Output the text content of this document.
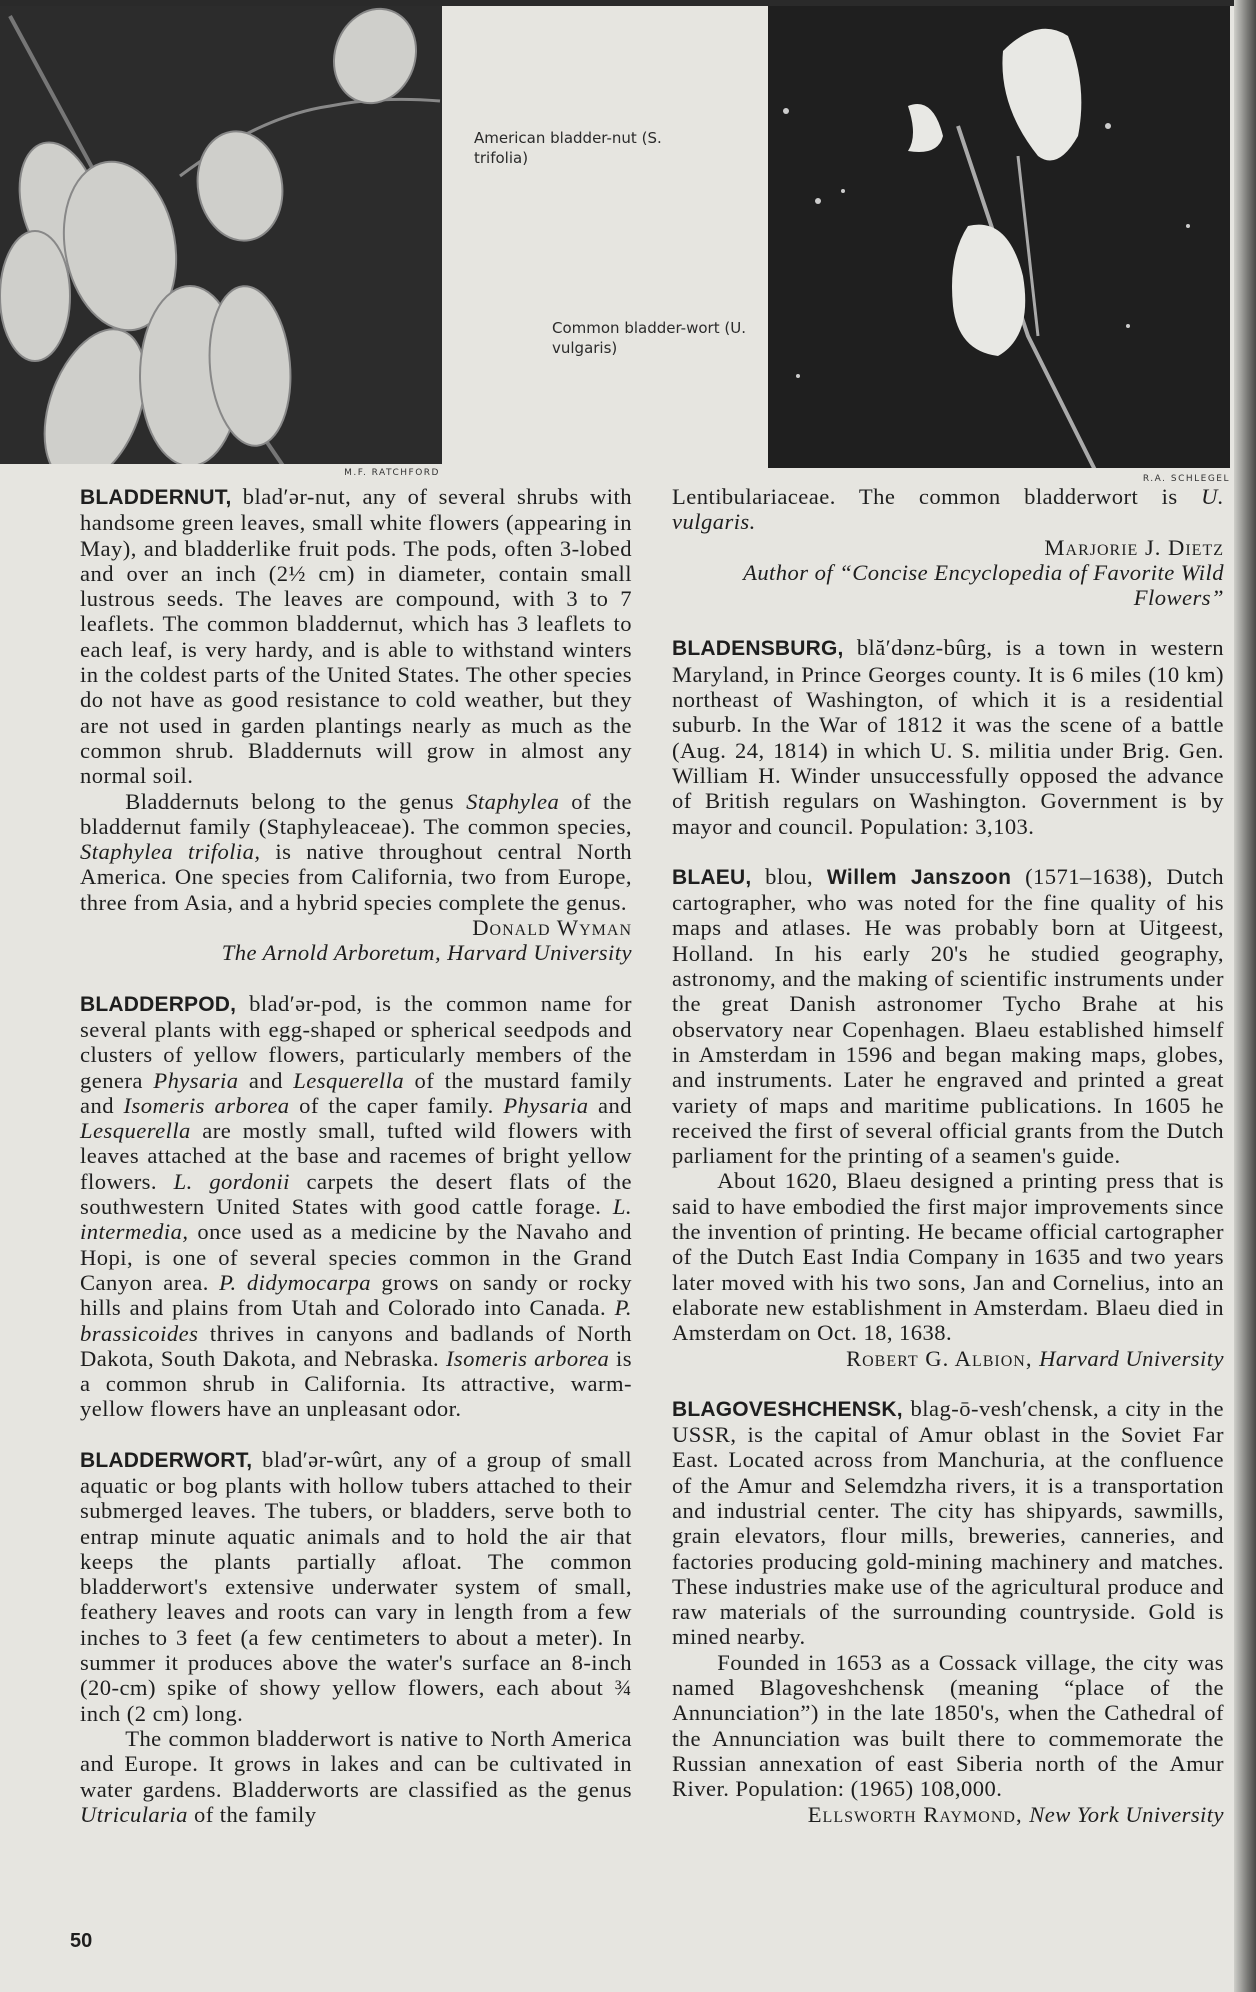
M.F. RATCHFORD
American bladder-nut (S. trifolia)
Common bladder-wort (U. vulgaris)
R.A. SCHLEGEL

BLADDERNUT, blad′ər-nut, any of several shrubs with handsome green leaves, small white flowers (appearing in May), and bladderlike fruit pods. The pods, often 3-lobed and over an inch (2½ cm) in diameter, contain small lustrous seeds. The leaves are compound, with 3 to 7 leaflets. The common bladdernut, which has 3 leaflets to each leaf, is very hardy, and is able to withstand winters in the coldest parts of the United States. The other species do not have as good resistance to cold weather, but they are not used in garden plantings nearly as much as the common shrub. Bladdernuts will grow in almost any normal soil.

Bladdernuts belong to the genus Staphylea of the bladdernut family (Staphyleaceae). The common species, Staphylea trifolia, is native throughout central North America. One species from California, two from Europe, three from Asia, and a hybrid species complete the genus.

Donald Wyman

The Arnold Arboretum, Harvard University

BLADDERPOD, blad′ər-pod, is the common name for several plants with egg-shaped or spherical seedpods and clusters of yellow flowers, particularly members of the genera Physaria and Lesquerella of the mustard family and Isomeris arborea of the caper family. Physaria and Lesquerella are mostly small, tufted wild flowers with leaves attached at the base and racemes of bright yellow flowers. L. gordonii carpets the desert flats of the southwestern United States with good cattle forage. L. intermedia, once used as a medicine by the Navaho and Hopi, is one of several species common in the Grand Canyon area. P. didymocarpa grows on sandy or rocky hills and plains from Utah and Colorado into Canada. P. brassicoides thrives in canyons and badlands of North Dakota, South Dakota, and Nebraska. Isomeris arborea is a common shrub in California. Its attractive, warm-yellow flowers have an unpleasant odor.

BLADDERWORT, blad′ər-wûrt, any of a group of small aquatic or bog plants with hollow tubers attached to their submerged leaves. The tubers, or bladders, serve both to entrap minute aquatic animals and to hold the air that keeps the plants partially afloat. The common bladderwort's extensive underwater system of small, feathery leaves and roots can vary in length from a few inches to 3 feet (a few centimeters to about a meter). In summer it produces above the water's surface an 8-inch (20-cm) spike of showy yellow flowers, each about ¾ inch (2 cm) long.

The common bladderwort is native to North America and Europe. It grows in lakes and can be cultivated in water gardens. Bladderworts are classified as the genus Utricularia of the family

Lentibulariaceae. The common bladderwort is U. vulgaris.

Marjorie J. Dietz

Author of “Concise Encyclopedia of Favorite Wild Flowers”

BLADENSBURG, blă′dənz-bûrg, is a town in western Maryland, in Prince Georges county. It is 6 miles (10 km) northeast of Washington, of which it is a residential suburb. In the War of 1812 it was the scene of a battle (Aug. 24, 1814) in which U. S. militia under Brig. Gen. William H. Winder unsuccessfully opposed the advance of British regulars on Washington. Government is by mayor and council. Population: 3,103.

BLAEU, blou, Willem Janszoon (1571–1638), Dutch cartographer, who was noted for the fine quality of his maps and atlases. He was probably born at Uitgeest, Holland. In his early 20's he studied geography, astronomy, and the making of scientific instruments under the great Danish astronomer Tycho Brahe at his observatory near Copenhagen. Blaeu established himself in Amsterdam in 1596 and began making maps, globes, and instruments. Later he engraved and printed a great variety of maps and maritime publications. In 1605 he received the first of several official grants from the Dutch parliament for the printing of a seamen's guide.

About 1620, Blaeu designed a printing press that is said to have embodied the first major improvements since the invention of printing. He became official cartographer of the Dutch East India Company in 1635 and two years later moved with his two sons, Jan and Cornelius, into an elaborate new establishment in Amsterdam. Blaeu died in Amsterdam on Oct. 18, 1638.

Robert G. Albion, Harvard University

BLAGOVESHCHENSK, blag-ō-vesh′chensk, a city in the USSR, is the capital of Amur oblast in the Soviet Far East. Located across from Manchuria, at the confluence of the Amur and Selemdzha rivers, it is a transportation and industrial center. The city has shipyards, sawmills, grain elevators, flour mills, breweries, canneries, and factories producing gold-mining machinery and matches. These industries make use of the agricultural produce and raw materials of the surrounding countryside. Gold is mined nearby.

Founded in 1653 as a Cossack village, the city was named Blagoveshchensk (meaning “place of the Annunciation”) in the late 1850's, when the Cathedral of the Annunciation was built there to commemorate the Russian annexation of east Siberia north of the Amur River. Population: (1965) 108,000.

Ellsworth Raymond, New York University

50
